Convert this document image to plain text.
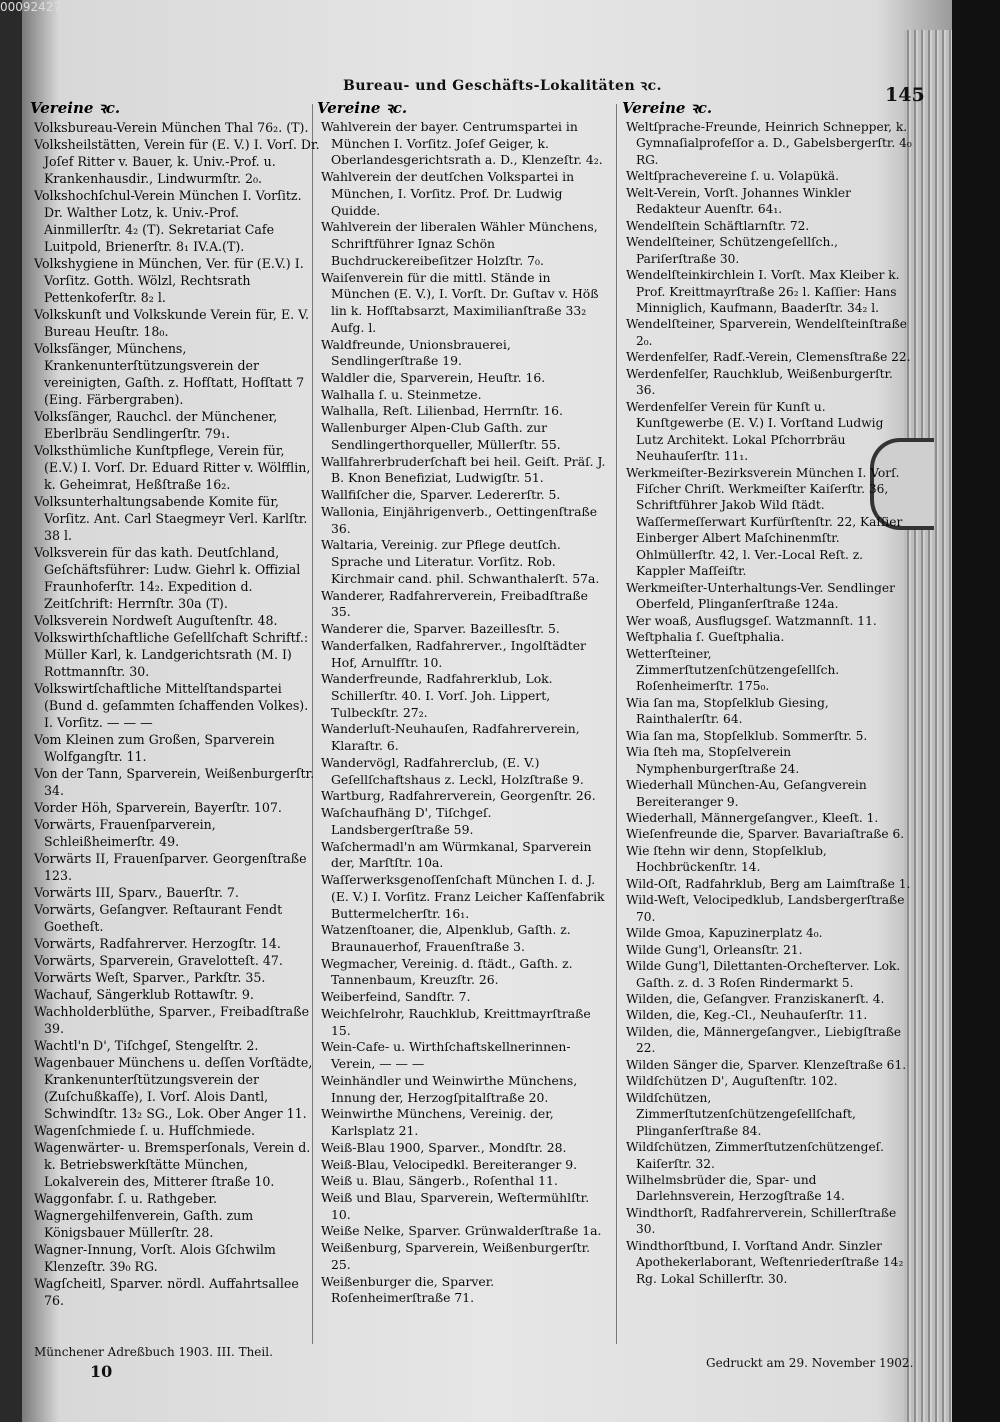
00092427
Bureau- und Geschäfts-Lokalitäten ꝛc.	145
Vereine ꝛc.
Volksbureau-Verein München Thal 76₂. (T).
Volksheilstätten, Verein für (E. V.) I. Vorſ. Dr. Joſef Ritter v. Bauer, k. Univ.-Prof. u. Krankenhausdir., Lindwurmſtr. 2₀.
Volkshochſchul-Verein München I. Vorſitz. Dr. Walther Lotz, k. Univ.-Prof. Ainmillerſtr. 4₂ (T). Sekretariat Cafe Luitpold, Brienerſtr. 8₁ IV.A.(T).
Volkshygiene in München, Ver. für (E.V.) I. Vorſitz. Gotth. Wölzl, Rechtsrath Pettenkoferſtr. 8₂ l.
Volkskunſt und Volkskunde Verein für, E. V. Bureau Heuſtr. 18₀.
Volksſänger, Münchens, Krankenunterſtützungsverein der vereinigten, Gaſth. z. Hofſtatt, Hofſtatt 7 (Eing. Färbergraben).
Volksſänger, Rauchcl. der Münchener, Eberlbräu Sendlingerſtr. 79₁.
Volksthümliche Kunſtpflege, Verein für, (E.V.) I. Vorſ. Dr. Eduard Ritter v. Wölfflin, k. Geheimrat, Heßſtraße 16₂.
Volksunterhaltungsabende Komite für, Vorſitz. Ant. Carl Staegmeyr Verl. Karlſtr. 38 l.
Volksverein für das kath. Deutſchland, Geſchäftsführer: Ludw. Giehrl k. Offizial Fraunhoferſtr. 14₂. Expedition d. Zeitſchrift: Herrnſtr. 30a (T).
Volksverein Nordweſt Auguſtenſtr. 48.
Volkswirthſchaftliche Geſellſchaft Schriftf.: Müller Karl, k. Landgerichtsrath (M. I) Rottmannſtr. 30.
Volkswirtſchaftliche Mittelſtandspartei (Bund d. geſammten ſchaffenden Volkes). I. Vorſitz. — — —
Vom Kleinen zum Großen, Sparverein Wolfgangſtr. 11.
Von der Tann, Sparverein, Weißenburgerſtr. 34.
Vorder Höh, Sparverein, Bayerſtr. 107.
Vorwärts, Frauenſparverein, Schleißheimerſtr. 49.
Vorwärts II, Frauenſparver. Georgenſtraße 123.
Vorwärts III, Sparv., Bauerſtr. 7.
Vorwärts, Geſangver. Reſtaurant Fendt Goetheſt.
Vorwärts, Radfahrerver. Herzogſtr. 14.
Vorwärts, Sparverein, Gravelotteſt. 47.
Vorwärts Weſt, Sparver., Parkſtr. 35.
Wachauf, Sängerklub Rottawſtr. 9.
Wachholderblüthe, Sparver., Freibadſtraße 39.
Wachtl'n D', Tiſchgeſ, Stengelſtr. 2.
Wagenbauer Münchens u. deſſen Vorſtädte, Krankenunterſtützungsverein der (Zuſchußkaſſe), I. Vorſ. Alois Dantl, Schwindſtr. 13₂ SG., Lok. Ober Anger 11.
Wagenſchmiede ſ. u. Hufſchmiede.
Wagenwärter- u. Bremsperſonals, Verein d. k. Betriebswerkſtätte München, Lokalverein des, Mitterer ſtraße 10.
Waggonfabr. ſ. u. Rathgeber.
Wagnergehilfenverein, Gaſth. zum Königsbauer Müllerſtr. 28.
Wagner-Innung, Vorſt. Alois Gſchwilm Klenzeſtr. 39₀ RG.
Wagſcheitl, Sparver. nördl. Auffahrtsallee 76.
Vereine ꝛc.
Wahlverein der bayer. Centrumspartei in München I. Vorſitz. Joſef Geiger, k. Oberlandesgerichtsrath a. D., Klenzeſtr. 4₂.
Wahlverein der deutſchen Volkspartei in München, I. Vorſitz. Prof. Dr. Ludwig Quidde.
Wahlverein der liberalen Wähler Münchens, Schriftführer Ignaz Schön Buchdruckereibeſitzer Holzſtr. 7₀.
Waiſenverein für die mittl. Stände in München (E. V.), I. Vorſt. Dr. Guſtav v. Höß lin k. Hofſtabsarzt, Maximilianſtraße 33₂ Aufg. l.
Waldfreunde, Unionsbrauerei, Sendlingerſtraße 19.
Waldler die, Sparverein, Heuſtr. 16.
Walhalla ſ. u. Steinmetze.
Walhalla, Reſt. Lilienbad, Herrnſtr. 16.
Wallenburger Alpen-Club Gaſth. zur Sendlingerthorqueller, Müllerſtr. 55.
Wallfahrerbruderſchaft bei heil. Geiſt. Präſ. J. B. Knon Benefiziat, Ludwigſtr. 51.
Wallfiſcher die, Sparver. Ledererſtr. 5.
Wallonia, Einjährigenverb., Oettingenſtraße 36.
Waltaria, Vereinig. zur Pflege deutſch. Sprache und Literatur. Vorſitz. Rob. Kirchmair cand. phil. Schwanthalerſt. 57a.
Wanderer, Radfahrerverein, Freibadſtraße 35.
Wanderer die, Sparver. Bazeillesſtr. 5.
Wanderfalken, Radfahrerver., Ingolſtädter Hof, Arnulfſtr. 10.
Wanderfreunde, Radfahrerklub, Lok. Schillerſtr. 40. I. Vorſ. Joh. Lippert, Tulbeckſtr. 27₂.
Wanderluſt-Neuhauſen, Radfahrerverein, Klaraſtr. 6.
Wandervögl, Radfahrerclub, (E. V.) Geſellſchaftshaus z. Leckl, Holzſtraße 9.
Wartburg, Radfahrerverein, Georgenſtr. 26.
Waſchaufhäng D', Tiſchgeſ. Landsbergerſtraße 59.
Waſchermadl'n am Würmkanal, Sparverein der, Marſtſtr. 10a.
Waſſerwerksgenoſſenſchaft München I. d. J. (E. V.) I. Vorſitz. Franz Leicher Kaſſenfabrik Buttermelcherſtr. 16₁.
Watzenſtoaner, die, Alpenklub, Gaſth. z. Braunauerhof, Frauenſtraße 3.
Wegmacher, Vereinig. d. ſtädt., Gaſth. z. Tannenbaum, Kreuzſtr. 26.
Weiberfeind, Sandſtr. 7.
Weichſelrohr, Rauchklub, Kreittmayrſtraße 15.
Wein-Cafe- u. Wirthſchaftskellnerinnen-Verein, — — —
Weinhändler und Weinwirthe Münchens, Innung der, Herzogſpitalſtraße 20.
Weinwirthe Münchens, Vereinig. der, Karlsplatz 21.
Weiß-Blau 1900, Sparver., Mondſtr. 28.
Weiß-Blau, Velocipedkl. Bereiteranger 9.
Weiß u. Blau, Sängerb., Roſenthal 11.
Weiß und Blau, Sparverein, Weſtermühlſtr. 10.
Weiße Nelke, Sparver. Grünwalderſtraße 1a.
Weißenburg, Sparverein, Weißenburgerſtr. 25.
Weißenburger die, Sparver. Roſenheimerſtraße 71.
Vereine ꝛc.
Weltſprache-Freunde, Heinrich Schnepper, k. Gymnaſialprofeſſor a. D., Gabelsbergerſtr. 4₀ RG.
Weltſprachevereine ſ. u. Volapükä.
Welt-Verein, Vorſt. Johannes Winkler Redakteur Auenſtr. 64₁.
Wendelſtein Schäftlarnſtr. 72.
Wendelſteiner, Schützengeſellſch., Pariſerſtraße 30.
Wendelſteinkirchlein I. Vorſt. Max Kleiber k. Prof. Kreittmayrſtraße 26₂ l. Kaſſier: Hans Minniglich, Kaufmann, Baaderſtr. 34₂ l.
Wendelſteiner, Sparverein, Wendelſteinſtraße 2₀.
Werdenfelſer, Radf.-Verein, Clemensſtraße 22.
Werdenfelſer, Rauchklub, Weißenburgerſtr. 36.
Werdenfelſer Verein für Kunſt u. Kunſtgewerbe (E. V.) I. Vorſtand Ludwig Lutz Architekt. Lokal Pſchorrbräu Neuhauſerſtr. 11₁.
Werkmeiſter-Bezirksverein München I. Vorſ. Fiſcher Chriſt. Werkmeiſter Kaiſerſtr. 36, Schriftführer Jakob Wild ſtädt. Waſſermeſſerwart Kurfürſtenſtr. 22, Kaſſier Einberger Albert Maſchinenmſtr. Ohlmüllerſtr. 42, l. Ver.-Local Reſt. z. Kappler Maſſeiſtr.
Werkmeiſter-Unterhaltungs-Ver. Sendlinger Oberfeld, Plinganſerſtraße 124a.
Wer woaß, Ausflugsgeſ. Watzmannſt. 11.
Weſtphalia ſ. Gueſtphalia.
Wetterſteiner, Zimmerſtutzenſchützengeſellſch. Roſenheimerſtr. 175₀.
Wia ſan ma, Stopſelklub Giesing, Rainthalerſtr. 64.
Wia ſan ma, Stopſelklub. Sommerſtr. 5.
Wia ſteh ma, Stopſelverein Nymphenburgerſtraße 24.
Wiederhall München-Au, Geſangverein Bereiteranger 9.
Wiederhall, Männergeſangver., Kleeſt. 1.
Wieſenfreunde die, Sparver. Bavariaſtraße 6.
Wie ſtehn wir denn, Stopſelklub, Hochbrückenſtr. 14.
Wild-Oſt, Radfahrklub, Berg am Laimſtraße 1.
Wild-Weſt, Velocipedklub, Landsbergerſtraße 70.
Wilde Gmoa, Kapuzinerplatz 4₀.
Wilde Gung'l, Orleansſtr. 21.
Wilde Gung'l, Dilettanten-Orcheſterver. Lok. Gaſth. z. d. 3 Roſen Rindermarkt 5.
Wilden, die, Geſangver. Franziskanerſt. 4.
Wilden, die, Keg.-Cl., Neuhauſerſtr. 11.
Wilden, die, Männergeſangver., Liebigſtraße 22.
Wilden Sänger die, Sparver. Klenzeſtraße 61.
Wildſchützen D', Auguſtenſtr. 102.
Wildſchützen, Zimmerſtutzenſchützengeſellſchaft, Plinganſerſtraße 84.
Wildſchützen, Zimmerſtutzenſchützengeſ. Kaiſerſtr. 32.
Wilhelmsbrüder die, Spar- und Darlehnsverein, Herzogſtraße 14.
Windthorſt, Radfahrerverein, Schillerſtraße 30.
Windthorſtbund, I. Vorſtand Andr. Sinzler Apothekerlaborant, Weſtenriederſtraße 14₂ Rg. Lokal Schillerſtr. 30.
Münchener Adreßbuch 1903. III. Theil.
10	Gedruckt am 29. November 1902.
